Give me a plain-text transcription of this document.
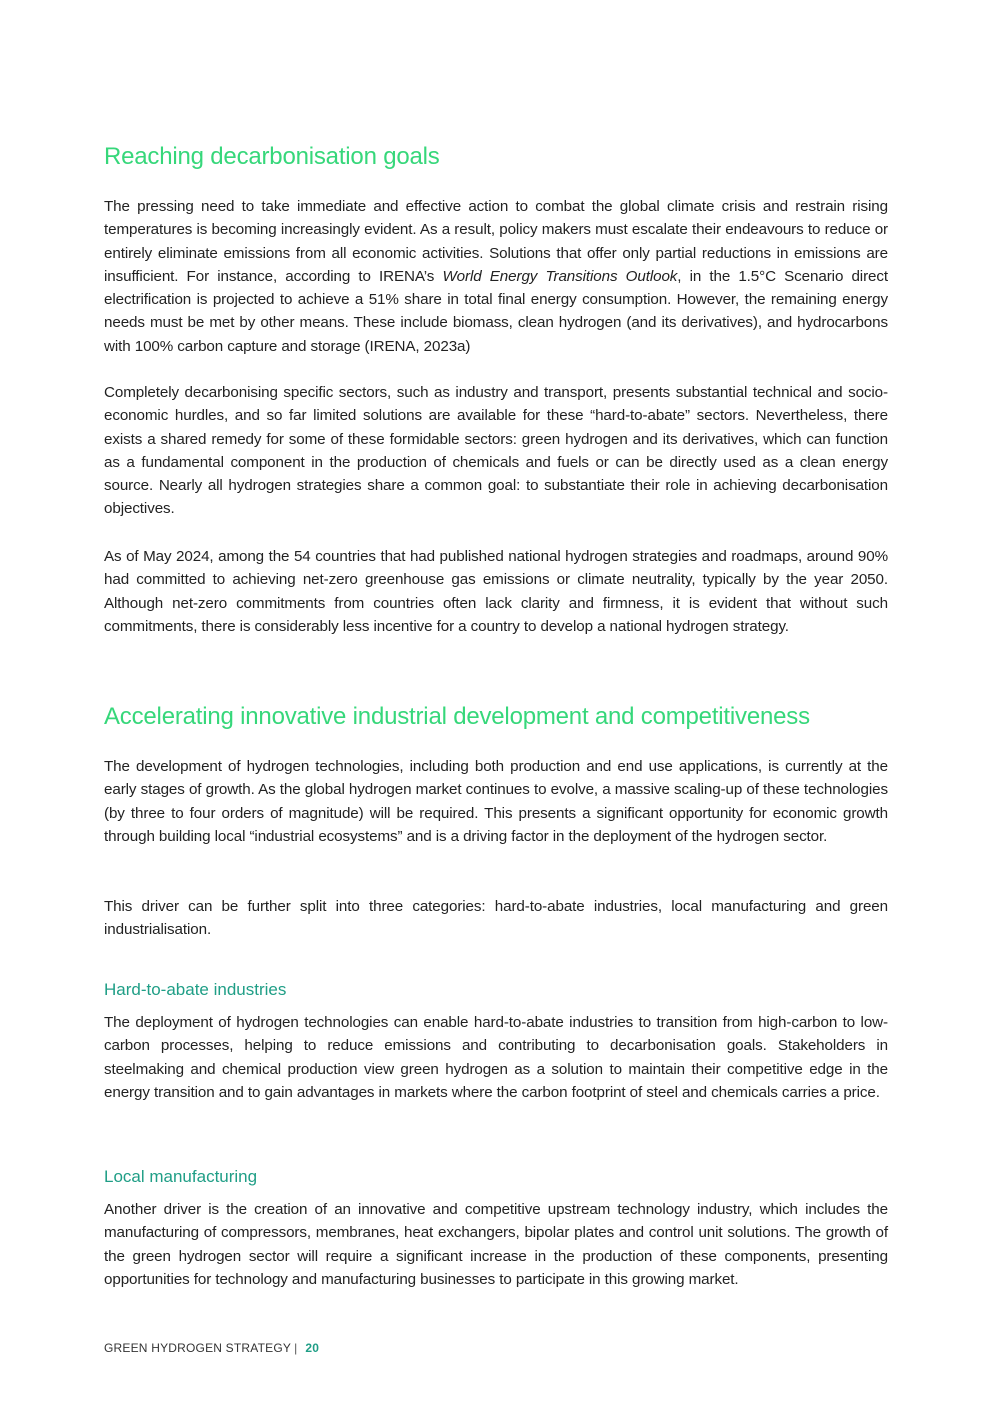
Reaching decarbonisation goals

The pressing need to take immediate and effective action to combat the global climate crisis and restrain rising temperatures is becoming increasingly evident. As a result, policy makers must escalate their endeavours to reduce or entirely eliminate emissions from all economic activities. Solutions that offer only partial reductions in emissions are insufficient. For instance, according to IRENA’s World Energy Transitions Outlook, in the 1.5°C Scenario direct electrification is projected to achieve a 51% share in total final energy consumption. However, the remaining energy needs must be met by other means. These include biomass, clean hydrogen (and its derivatives), and hydrocarbons with 100% carbon capture and storage (IRENA, 2023a)

Completely decarbonising specific sectors, such as industry and transport, presents substantial technical and socio-economic hurdles, and so far limited solutions are available for these “hard-to-abate” sectors. Nevertheless, there exists a shared remedy for some of these formidable sectors: green hydrogen and its derivatives, which can function as a fundamental component in the production of chemicals and fuels or can be directly used as a clean energy source. Nearly all hydrogen strategies share a common goal: to substantiate their role in achieving decarbonisation objectives.

As of May 2024, among the 54 countries that had published national hydrogen strategies and roadmaps, around 90% had committed to achieving net-zero greenhouse gas emissions or climate neutrality, typically by the year 2050. Although net-zero commitments from countries often lack clarity and firmness, it is evident that without such commitments, there is considerably less incentive for a country to develop a national hydrogen strategy.

Accelerating innovative industrial development and competitiveness

The development of hydrogen technologies, including both production and end use applications, is currently at the early stages of growth. As the global hydrogen market continues to evolve, a massive scaling-up of these technologies (by three to four orders of magnitude) will be required. This presents a significant opportunity for economic growth through building local “industrial ecosystems” and is a driving factor in the deployment of the hydrogen sector.

This driver can be further split into three categories: hard-to-abate industries, local manufacturing and green industrialisation.

Hard-to-abate industries

The deployment of hydrogen technologies can enable hard-to-abate industries to transition from high-carbon to low-carbon processes, helping to reduce emissions and contributing to decarbonisation goals. Stakeholders in steelmaking and chemical production view green hydrogen as a solution to maintain their competitive edge in the energy transition and to gain advantages in markets where the carbon footprint of steel and chemicals carries a price.

Local manufacturing

Another driver is the creation of an innovative and competitive upstream technology industry, which includes the manufacturing of compressors, membranes, heat exchangers, bipolar plates and control unit solutions. The growth of the green hydrogen sector will require a significant increase in the production of these components, presenting opportunities for technology and manufacturing businesses to participate in this growing market.

GREEN HYDROGEN STRATEGY | 20
